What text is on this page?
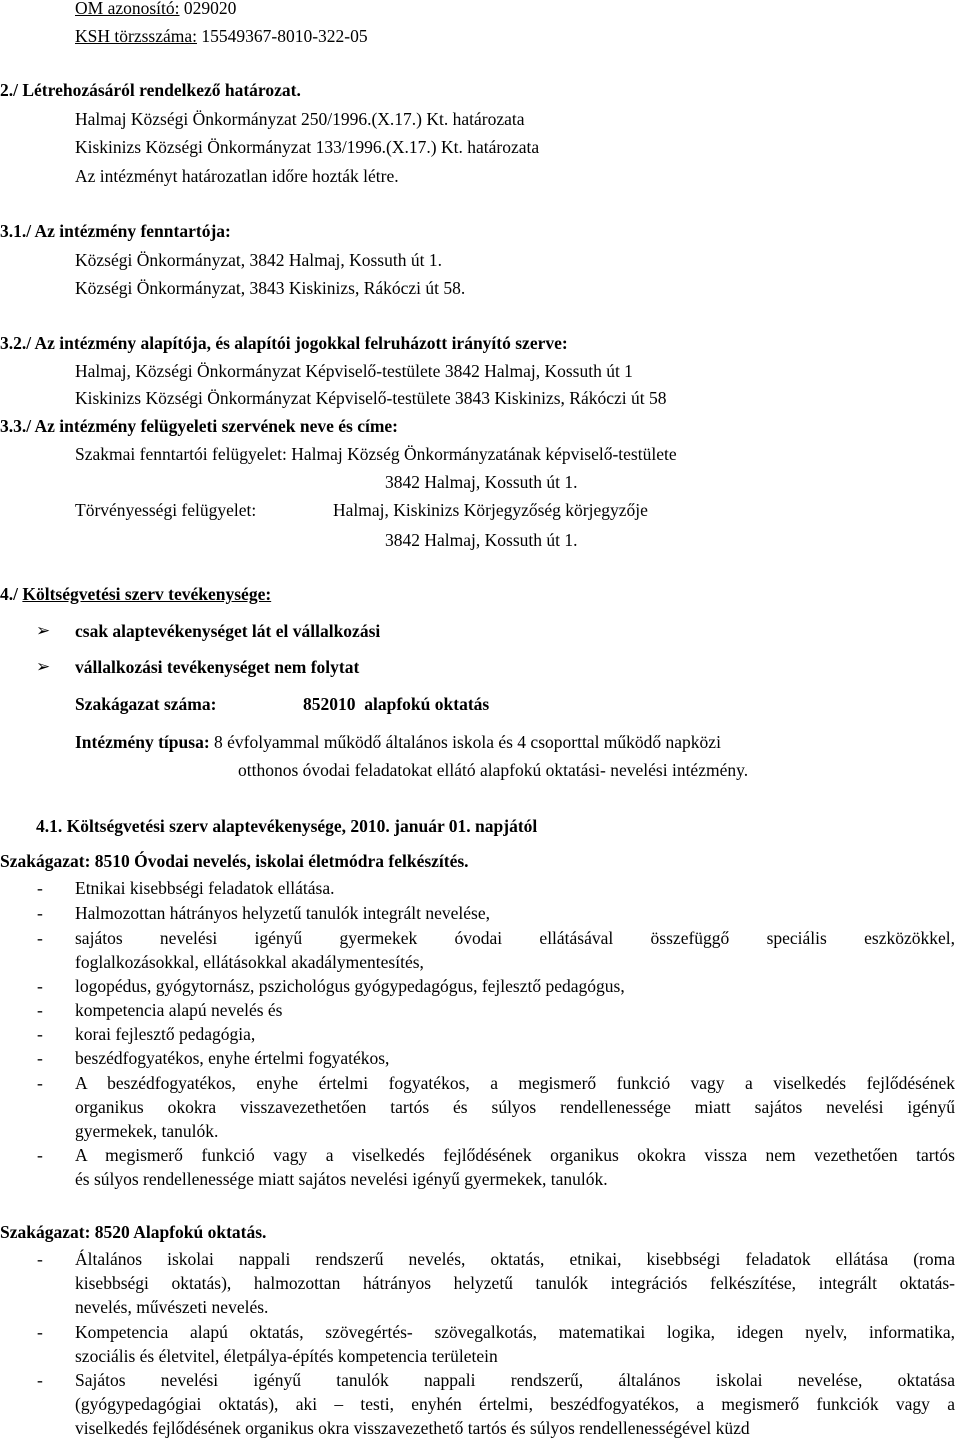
OM azonosító: 029020
KSH törzsszáma: 15549367-8010-322-05
2./ Létrehozásáról rendelkező határozat.
Halmaj Községi Önkormányzat 250/1996.(X.17.) Kt. határozata
Kiskinizs Községi Önkormányzat 133/1996.(X.17.) Kt. határozata
Az intézményt határozatlan időre hozták létre.
3.1./ Az intézmény fenntartója:
Községi Önkormányzat, 3842 Halmaj, Kossuth út 1.
Községi Önkormányzat, 3843 Kiskinizs, Rákóczi út 58.
3.2./ Az intézmény alapítója, és alapítói jogokkal felruházott irányító szerve:
Halmaj, Községi Önkormányzat Képviselő-testülete 3842 Halmaj, Kossuth út 1
Kiskinizs Községi Önkormányzat Képviselő-testülete 3843 Kiskinizs, Rákóczi út 58
3.3./ Az intézmény felügyeleti szervének neve és címe:
Szakmai fenntartói felügyelet: Halmaj Község Önkormányzatának képviselő-testülete
3842 Halmaj, Kossuth út 1.
Törvényességi felügyelet:	Halmaj, Kiskinizs Körjegyzőség körjegyzője
3842 Halmaj, Kossuth út 1.
4./ Költségvetési szerv tevékenysége:
➢ csak alaptevékenységet lát el vállalkozási
➢ vállalkozási tevékenységet nem folytat
Szakágazat száma:	852010  alapfokú oktatás
Intézmény típusa: 8 évfolyammal működő általános iskola és 4 csoporttal működő napközi
otthonos óvodai feladatokat ellátó alapfokú oktatási- nevelési intézmény.
4.1. Költségvetési szerv alaptevékenysége, 2010. január 01. napjától
Szakágazat: 8510 Óvodai nevelés, iskolai életmódra felkészítés.
- Etnikai kisebbségi feladatok ellátása.
- Halmozottan hátrányos helyzetű tanulók integrált nevelése,
- sajátos nevelési igényű gyermekek óvodai ellátásával összefüggő speciális eszközökkel,
foglalkozásokkal, ellátásokkal akadálymentesítés,
- logopédus, gyógytornász, pszichológus gyógypedagógus, fejlesztő pedagógus,
- kompetencia alapú nevelés és
- korai fejlesztő pedagógia,
- beszédfogyatékos, enyhe értelmi fogyatékos,
- A beszédfogyatékos, enyhe értelmi fogyatékos, a megismerő funkció vagy a viselkedés fejlődésének
organikus okokra visszavezethetően tartós és súlyos rendellenessége miatt sajátos nevelési igényű
gyermekek, tanulók.
- A megismerő funkció vagy a viselkedés fejlődésének organikus okokra vissza nem vezethetően tartós
és súlyos rendellenessége miatt sajátos nevelési igényű gyermekek, tanulók.
Szakágazat: 8520 Alapfokú oktatás.
- Általános iskolai nappali rendszerű nevelés, oktatás, etnikai, kisebbségi feladatok ellátása (roma
kisebbségi oktatás), halmozottan hátrányos helyzetű tanulók integrációs felkészítése, integrált oktatás-
nevelés, művészeti nevelés.
- Kompetencia alapú oktatás, szövegértés- szövegalkotás, matematikai logika, idegen nyelv, informatika,
szociális és életvitel, életpálya-építés kompetencia területein
- Sajátos nevelési igényű tanulók nappali rendszerű, általános iskolai nevelése, oktatása
(gyógypedagógiai oktatás), aki – testi, enyhén értelmi, beszédfogyatékos, a megismerő funkciók vagy a
viselkedés fejlődésének organikus okra visszavezethető tartós és súlyos rendellenességével küzd
